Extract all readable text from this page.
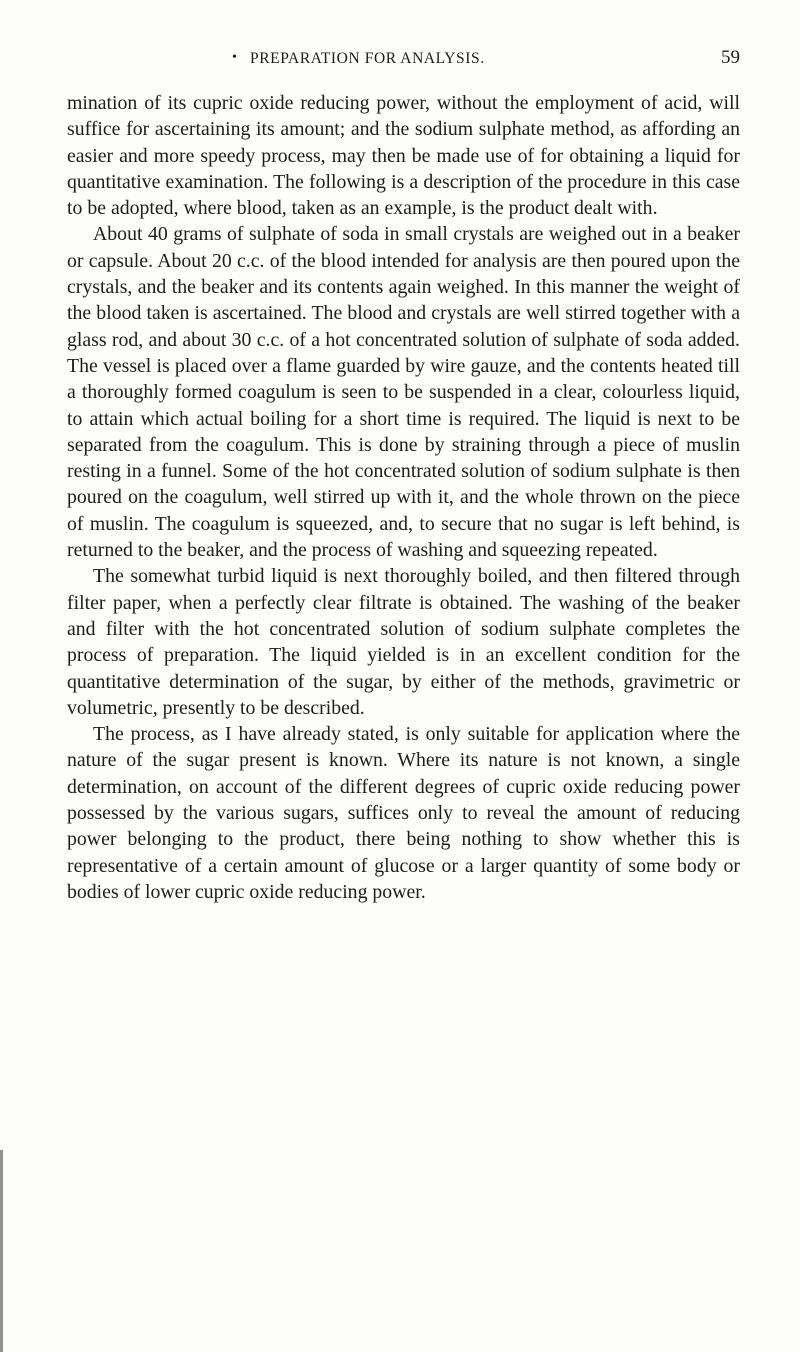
• PREPARATION FOR ANALYSIS.	59

mination of its cupric oxide reducing power, without the employment of acid, will suffice for ascertaining its amount; and the sodium sulphate method, as affording an easier and more speedy process, may then be made use of for obtaining a liquid for quantitative examination. The following is a description of the procedure in this case to be adopted, where blood, taken as an example, is the product dealt with.

About 40 grams of sulphate of soda in small crystals are weighed out in a beaker or capsule. About 20 c.c. of the blood intended for analysis are then poured upon the crystals, and the beaker and its contents again weighed. In this manner the weight of the blood taken is ascertained. The blood and crystals are well stirred together with a glass rod, and about 30 c.c. of a hot concentrated solution of sulphate of soda added. The vessel is placed over a flame guarded by wire gauze, and the contents heated till a thoroughly formed coagulum is seen to be suspended in a clear, colourless liquid, to attain which actual boiling for a short time is required. The liquid is next to be separated from the coagulum. This is done by straining through a piece of muslin resting in a funnel. Some of the hot concentrated solution of sodium sulphate is then poured on the coagulum, well stirred up with it, and the whole thrown on the piece of muslin. The coagulum is squeezed, and, to secure that no sugar is left behind, is returned to the beaker, and the process of washing and squeezing repeated.

The somewhat turbid liquid is next thoroughly boiled, and then filtered through filter paper, when a perfectly clear filtrate is obtained. The washing of the beaker and filter with the hot concentrated solution of sodium sulphate completes the process of preparation. The liquid yielded is in an excellent condition for the quantitative determination of the sugar, by either of the methods, gravimetric or volumetric, presently to be described.

The process, as I have already stated, is only suitable for application where the nature of the sugar present is known. Where its nature is not known, a single determination, on account of the different degrees of cupric oxide reducing power possessed by the various sugars, suffices only to reveal the amount of reducing power belonging to the product, there being nothing to show whether this is representative of a certain amount of glucose or a larger quantity of some body or bodies of lower cupric oxide reducing power.
